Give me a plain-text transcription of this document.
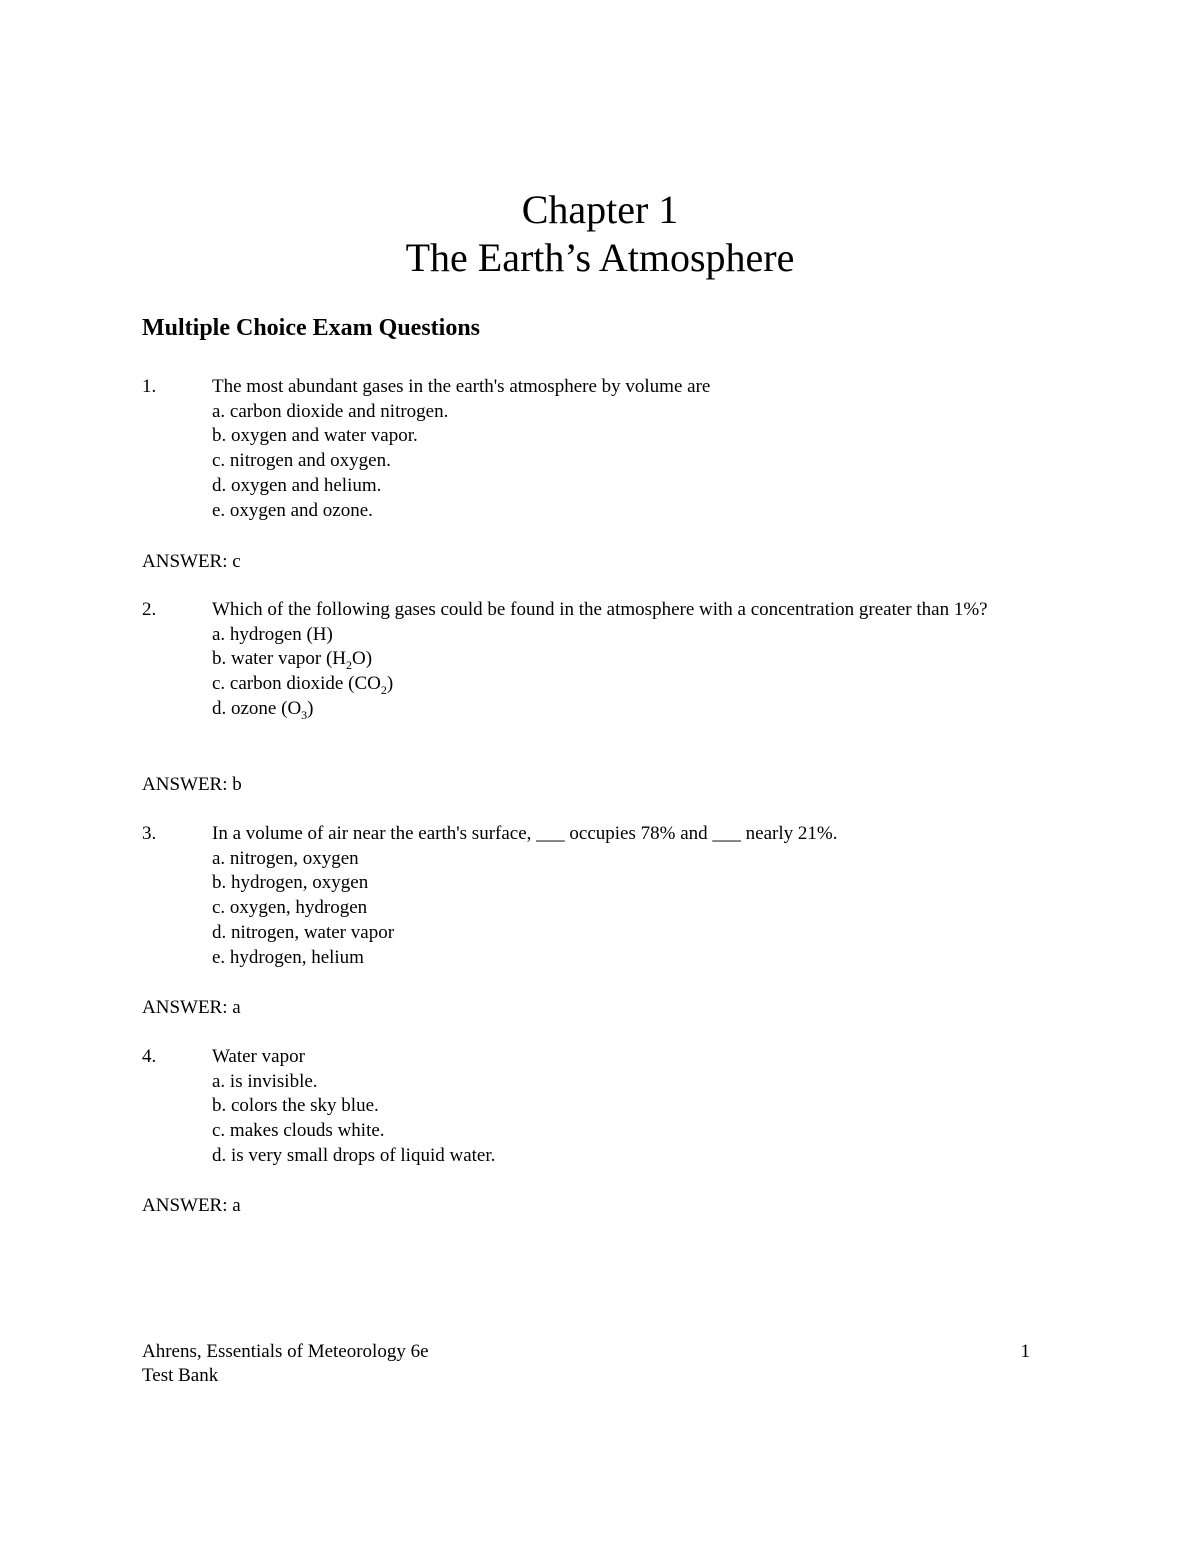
Chapter 1
The Earth’s Atmosphere
Multiple Choice Exam Questions
1.	The most abundant gases in the earth's atmosphere by volume are
a. carbon dioxide and nitrogen.
b. oxygen and water vapor.
c. nitrogen and oxygen.
d. oxygen and helium.
e. oxygen and ozone.
ANSWER: c
2.	Which of the following gases could be found in the atmosphere with a concentration greater than 1%?
a. hydrogen (H)
b. water vapor $(H_2O)$
c. carbon dioxide $(CO_2)$
d. ozone $(O_3)$
ANSWER: b
3.	In a volume of air near the earth's surface, ___ occupies 78% and ___ nearly 21%.
a. nitrogen, oxygen
b. hydrogen, oxygen
c. oxygen, hydrogen
d. nitrogen, water vapor
e. hydrogen, helium
ANSWER: a
4.	Water vapor
a. is invisible.
b. colors the sky blue.
c. makes clouds white.
d. is very small drops of liquid water.
ANSWER: a
Ahrens, Essentials of Meteorology 6e
Test Bank
1
